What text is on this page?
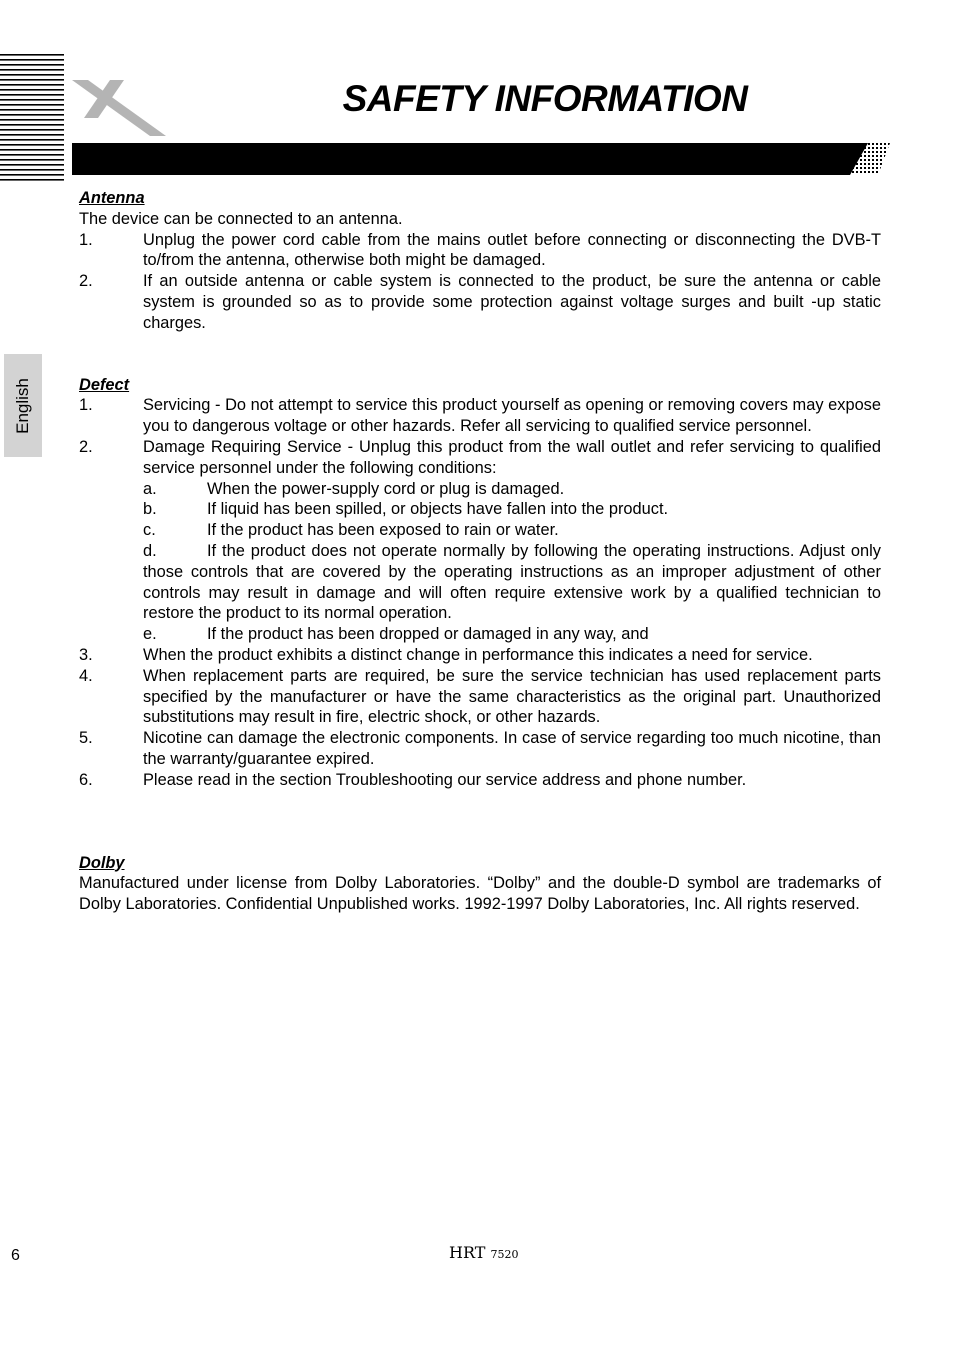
SAFETY INFORMATION
English
Antenna
The device can be connected to an antenna.
1.	Unplug the power cord cable from the mains outlet before connecting or disconnecting the DVB-T to/from the antenna, otherwise both might be damaged.
2.	If an outside antenna or cable system is connected to the product, be sure the antenna or cable system is grounded so as to provide some protection against voltage surges and built -up static charges.
Defect
1.	Servicing - Do not attempt to service this product yourself as opening or removing covers may expose you to dangerous voltage or other hazards. Refer all servicing to qualified service personnel.
2.	Damage Requiring Service - Unplug this product from the wall outlet and refer servicing to qualified service personnel under the following conditions:
a.	When the power-supply cord or plug is damaged.
b.	If liquid has been spilled, or objects have fallen into the product.
c.	If the product has been exposed to rain or water.
d.	If the product does not operate normally by following the operating instructions. Adjust only those controls that are covered by the operating instructions as an improper adjustment of other controls may result in damage and will often require extensive work by a qualified technician to restore the product to its normal operation.
e.	If the product has been dropped or damaged in any way, and
3.	When the product exhibits a distinct change in performance this indicates a need for service.
4.	When replacement parts are required, be sure the service technician has used replacement parts specified by the manufacturer or have the same characteristics as the original part. Unauthorized substitutions may result in fire, electric shock, or other hazards.
5.	Nicotine can damage the electronic components. In case of service regarding too much nicotine, than the warranty/guarantee expired.
6.	Please read in the section Troubleshooting our service address and phone number.
Dolby
Manufactured under license from Dolby Laboratories. “Dolby” and the double-D symbol are trademarks of Dolby Laboratories. Confidential Unpublished works. 1992-1997 Dolby Laboratories, Inc. All rights reserved.
6	HRT 7520
